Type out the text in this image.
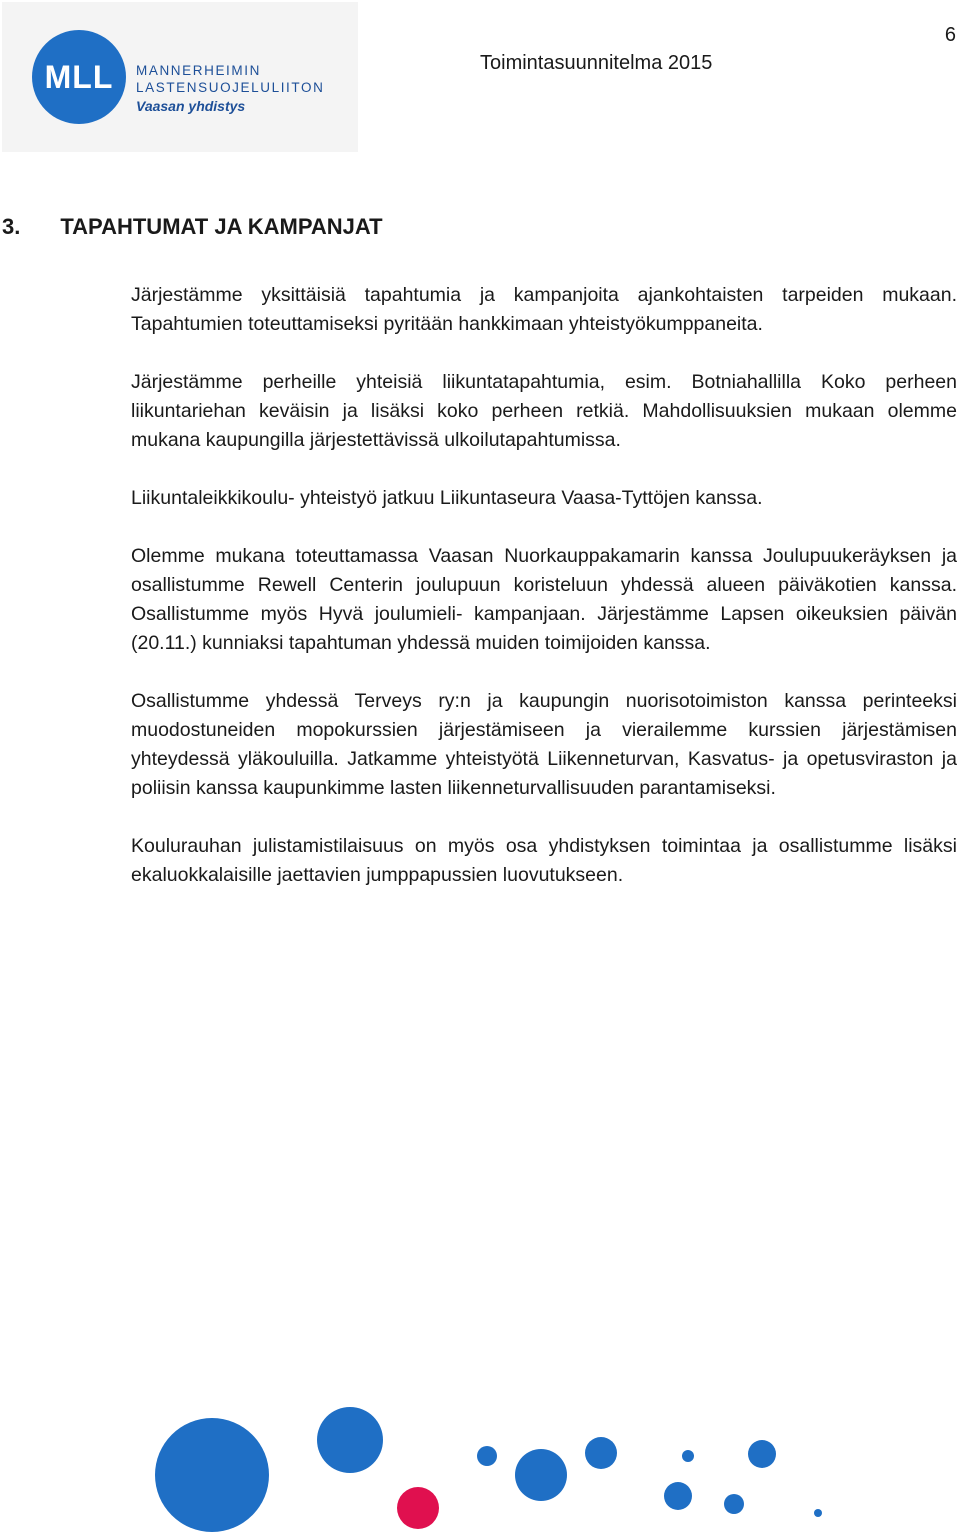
MLL MANNERHEIMIN
LASTENSUOJELULIITON
Vaasan yhdistys
6
Toimintasuunnitelma 2015
3. TAPAHTUMAT JA KAMPANJAT

Järjestämme yksittäisiä tapahtumia ja kampanjoita ajankohtaisten tarpeiden mukaan. Tapahtumien toteuttamiseksi pyritään hankkimaan yhteistyökumppaneita.

Järjestämme perheille yhteisiä liikuntatapahtumia, esim. Botniahallilla Koko perheen liikuntariehan keväisin ja lisäksi koko perheen retkiä. Mahdollisuuksien mukaan olemme mukana kaupungilla järjestettävissä ulkoilutapahtumissa.

Liikuntaleikkikoulu- yhteistyö jatkuu Liikuntaseura Vaasa-Tyttöjen kanssa.

Olemme mukana toteuttamassa Vaasan Nuorkauppakamarin kanssa Joulupuukeräyksen ja osallistumme Rewell Centerin joulupuun koristeluun yhdessä alueen päiväkotien kanssa. Osallistumme myös Hyvä joulumieli- kampanjaan. Järjestämme Lapsen oikeuksien päivän (20.11.) kunniaksi tapahtuman yhdessä muiden toimijoiden kanssa.

Osallistumme yhdessä Terveys ry:n ja kaupungin nuorisotoimiston kanssa perinteeksi muodostuneiden mopokurssien järjestämiseen ja vierailemme kurssien järjestämisen yhteydessä yläkouluilla. Jatkamme yhteistyötä Liikenneturvan, Kasvatus- ja opetusviraston ja poliisin kanssa kaupunkimme lasten liikenneturvallisuuden parantamiseksi.

Koulurauhan julistamistilaisuus on myös osa yhdistyksen toimintaa ja osallistumme lisäksi ekaluokkalaisille jaettavien jumppapussien luovutukseen.
